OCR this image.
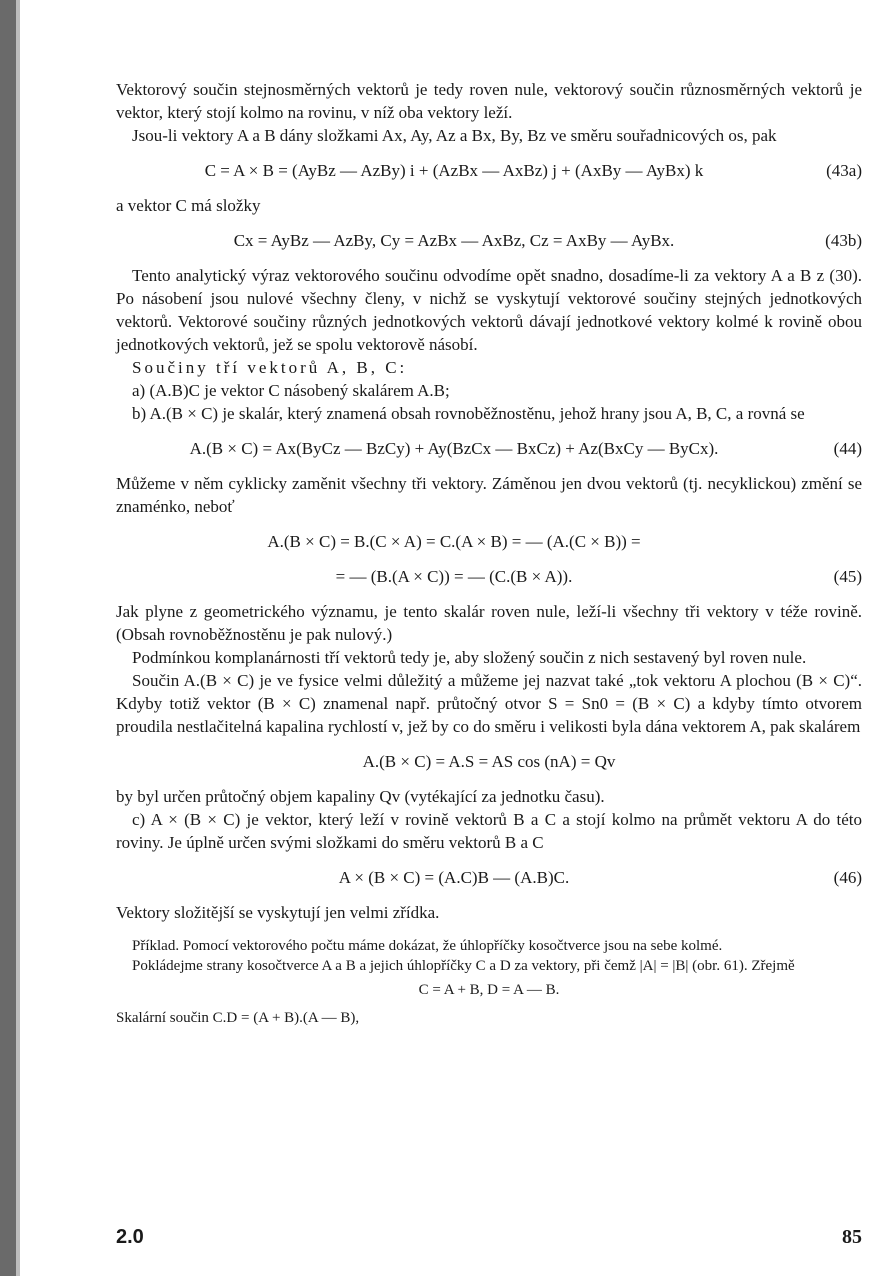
Vektorový součin stejnosměrných vektorů je tedy roven nule, vektorový součin různosměrných vektorů je vektor, který stojí kolmo na rovinu, v níž oba vektory leží.

Jsou-li vektory A a B dány složkami Ax, Ay, Az a Bx, By, Bz ve směru souřadnicových os, pak

C = A × B = (AyBz — AzBy) i + (AzBx — AxBz) j + (AxBy — AyBx) k	(43a)

a vektor C má složky

Cx = AyBz — AzBy, Cy = AzBx — AxBz, Cz = AxBy — AyBx.	(43b)

Tento analytický výraz vektorového součinu odvodíme opět snadno, dosadíme-li za vektory A a B z (30). Po násobení jsou nulové všechny členy, v nichž se vyskytují vektorové součiny stejných jednotkových vektorů. Vektorové součiny různých jednotkových vektorů dávají jednotkové vektory kolmé k rovině obou jednotkových vektorů, jež se spolu vektorově násobí.

Součiny tří vektorů A, B, C:

a) (A.B)C je vektor C násobený skalárem A.B;

b) A.(B × C) je skalár, který znamená obsah rovnoběžnostěnu, jehož hrany jsou A, B, C, a rovná se

A.(B × C) = Ax(ByCz — BzCy) + Ay(BzCx — BxCz) + Az(BxCy — ByCx).	(44)

Můžeme v něm cyklicky zaměnit všechny tři vektory. Záměnou jen dvou vektorů (tj. necyklickou) změní se znaménko, neboť

A.(B × C) = B.(C × A) = C.(A × B) = — (A.(C × B)) =
= — (B.(A × C)) = — (C.(B × A)).	(45)

Jak plyne z geometrického významu, je tento skalár roven nule, leží-li všechny tři vektory v téže rovině. (Obsah rovnoběžnostěnu je pak nulový.)

Podmínkou komplanárnosti tří vektorů tedy je, aby složený součin z nich sestavený byl roven nule.

Součin A.(B × C) je ve fysice velmi důležitý a můžeme jej nazvat také „tok vektoru A plochou (B × C)“. Kdyby totiž vektor (B × C) znamenal např. průtočný otvor S = Sn0 = (B × C) a kdyby tímto otvorem proudila nestlačitelná kapalina rychlostí v, jež by co do směru i velikosti byla dána vektorem A, pak skalárem

A.(B × C) = A.S = AS cos (nA) = Qv

by byl určen průtočný objem kapaliny Qv (vytékající za jednotku času).

c) A × (B × C) je vektor, který leží v rovině vektorů B a C a stojí kolmo na průmět vektoru A do této roviny. Je úplně určen svými složkami do směru vektorů B a C

A × (B × C) = (A.C)B — (A.B)C.	(46)

Vektory složitější se vyskytují jen velmi zřídka.

Příklad. Pomocí vektorového počtu máme dokázat, že úhlopříčky kosočtverce jsou na sebe kolmé.

Pokládejme strany kosočtverce A a B a jejich úhlopříčky C a D za vektory, při čemž |A| = |B| (obr. 61). Zřejmě

C = A + B, D = A — B.

Skalární součin C.D = (A + B).(A — B),

2.0	85
